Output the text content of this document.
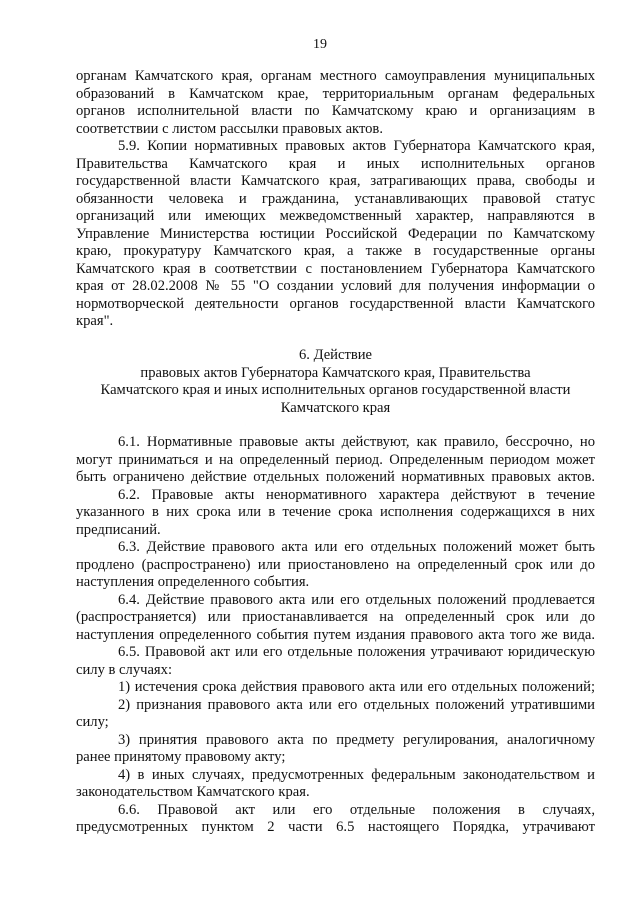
19
органам Камчатского края, органам местного самоуправления муниципальных
образований в Камчатском крае, территориальным органам федеральных
органов исполнительной власти по Камчатскому краю и организациям в
соответствии с листом рассылки правовых актов.
5.9. Копии нормативных правовых актов Губернатора Камчатского края,
Правительства Камчатского края и иных исполнительных органов
государственной власти Камчатского края, затрагивающих права, свободы и
обязанности человека и гражданина, устанавливающих правовой статус
организаций или имеющих межведомственный характер, направляются в
Управление Министерства юстиции Российской Федерации по Камчатскому
краю, прокуратуру Камчатского края, а также в государственные органы
Камчатского края в соответствии с постановлением Губернатора Камчатского
края от 28.02.2008 № 55 "О создании условий для получения информации о
нормотворческой деятельности органов государственной власти Камчатского
края".
6. Действие
правовых актов Губернатора Камчатского края, Правительства
Камчатского края и иных исполнительных органов государственной власти
Камчатского края
6.1. Нормативные правовые акты действуют, как правило, бессрочно, но
могут приниматься и на определенный период. Определенным периодом может
быть ограничено действие отдельных положений нормативных правовых актов.
6.2. Правовые акты ненормативного характера действуют в течение
указанного в них срока или в течение срока исполнения содержащихся в них
предписаний.
6.3. Действие правового акта или его отдельных положений может быть
продлено (распространено) или приостановлено на определенный срок или до
наступления определенного события.
6.4. Действие правового акта или его отдельных положений продлевается
(распространяется) или приостанавливается на определенный срок или до
наступления определенного события путем издания правового акта того же вида.
6.5. Правовой акт или его отдельные положения утрачивают юридическую
силу в случаях:
1) истечения срока действия правового акта или его отдельных положений;
2) признания правового акта или его отдельных положений утратившими
силу;
3) принятия правового акта по предмету регулирования, аналогичному
ранее принятому правовому акту;
4) в иных случаях, предусмотренных федеральным законодательством и
законодательством Камчатского края.
6.6. Правовой акт или его отдельные положения в случаях,
предусмотренных пунктом 2 части 6.5 настоящего Порядка, утрачивают
